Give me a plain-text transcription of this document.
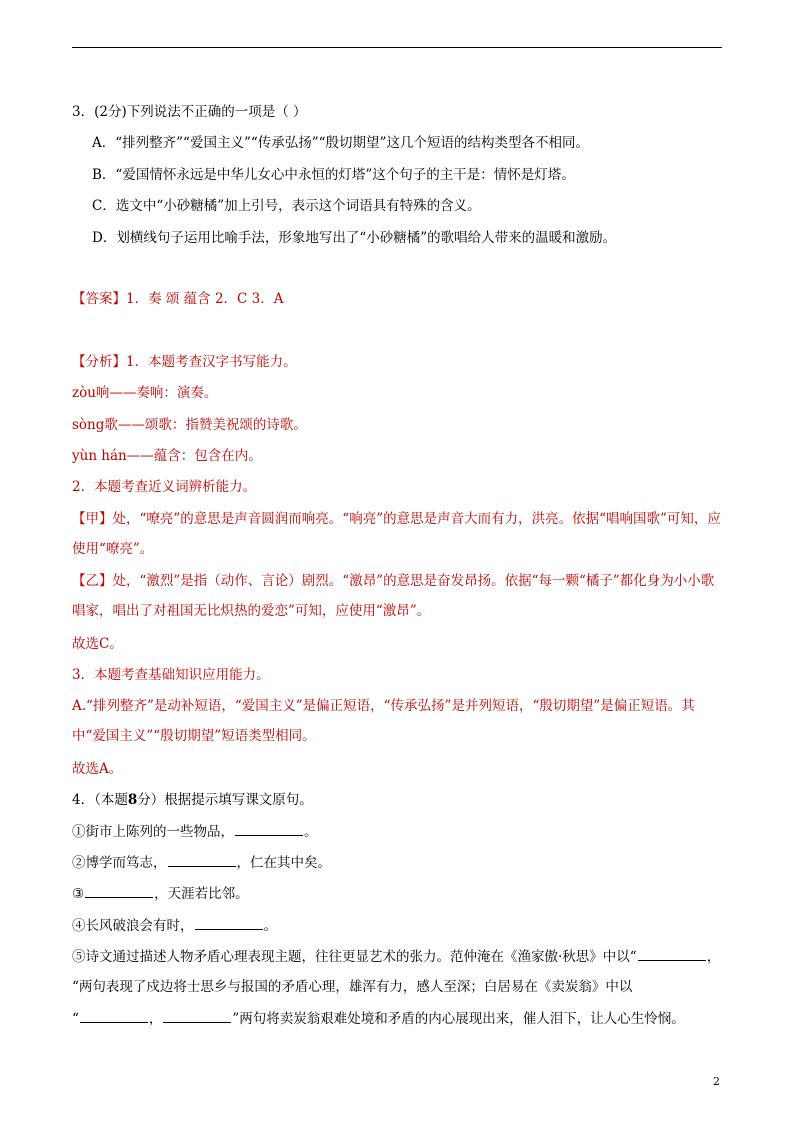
3．(2分)下列说法不正确的一项是（ ）
A．“排列整齐”“爱国主义”“传承弘扬”“殷切期望”这几个短语的结构类型各不相同。
B．“爱国情怀永远是中华儿女心中永恒的灯塔”这个句子的主干是：情怀是灯塔。
C．选文中“小砂糖橘”加上引号，表示这个词语具有特殊的含义。
D．划横线句子运用比喻手法，形象地写出了“小砂糖橘”的歌唱给人带来的温暖和激励。
【答案】1．奏 颂 蕴含 2．C 3．A
【分析】1．本题考查汉字书写能力。
zòu响——奏响：演奏。
sòng歌——颂歌：指赞美祝颂的诗歌。
yùn hán——蕴含：包含在内。
2．本题考查近义词辨析能力。
【甲】处，“嘹亮”的意思是声音圆润而响亮。“响亮”的意思是声音大而有力，洪亮。依据“唱响国歌”可知，应使用“嘹亮”。
【乙】处，“激烈”是指（动作、言论）剧烈。“激昂”的意思是奋发昂扬。依据“每一颗“橘子”都化身为小小歌唱家，唱出了对祖国无比炽热的爱恋”可知，应使用“激昂”。
故选C。
3．本题考查基础知识应用能力。
A.“排列整齐”是动补短语，“爱国主义”是偏正短语，“传承弘扬”是并列短语，“殷切期望”是偏正短语。其中“爱国主义”“殷切期望”短语类型相同。
故选A。
4．（本题8分）根据提示填写课文原句。
①街市上陈列的一些物品，	。
②博学而笃志，	，仁在其中矣。
③	，天涯若比邻。
④长风破浪会有时，	。
⑤诗文通过描述人物矛盾心理表现主题，往往更显艺术的张力。范仲淹在《渔家傲·秋思》中以“	，
“两句表现了戍边将士思乡与报国的矛盾心理，雄浑有力，感人至深；白居易在《卖炭翁》中以
“	，	”两句将卖炭翁艰难处境和矛盾的内心展现出来，催人泪下，让人心生怜悯。
2
